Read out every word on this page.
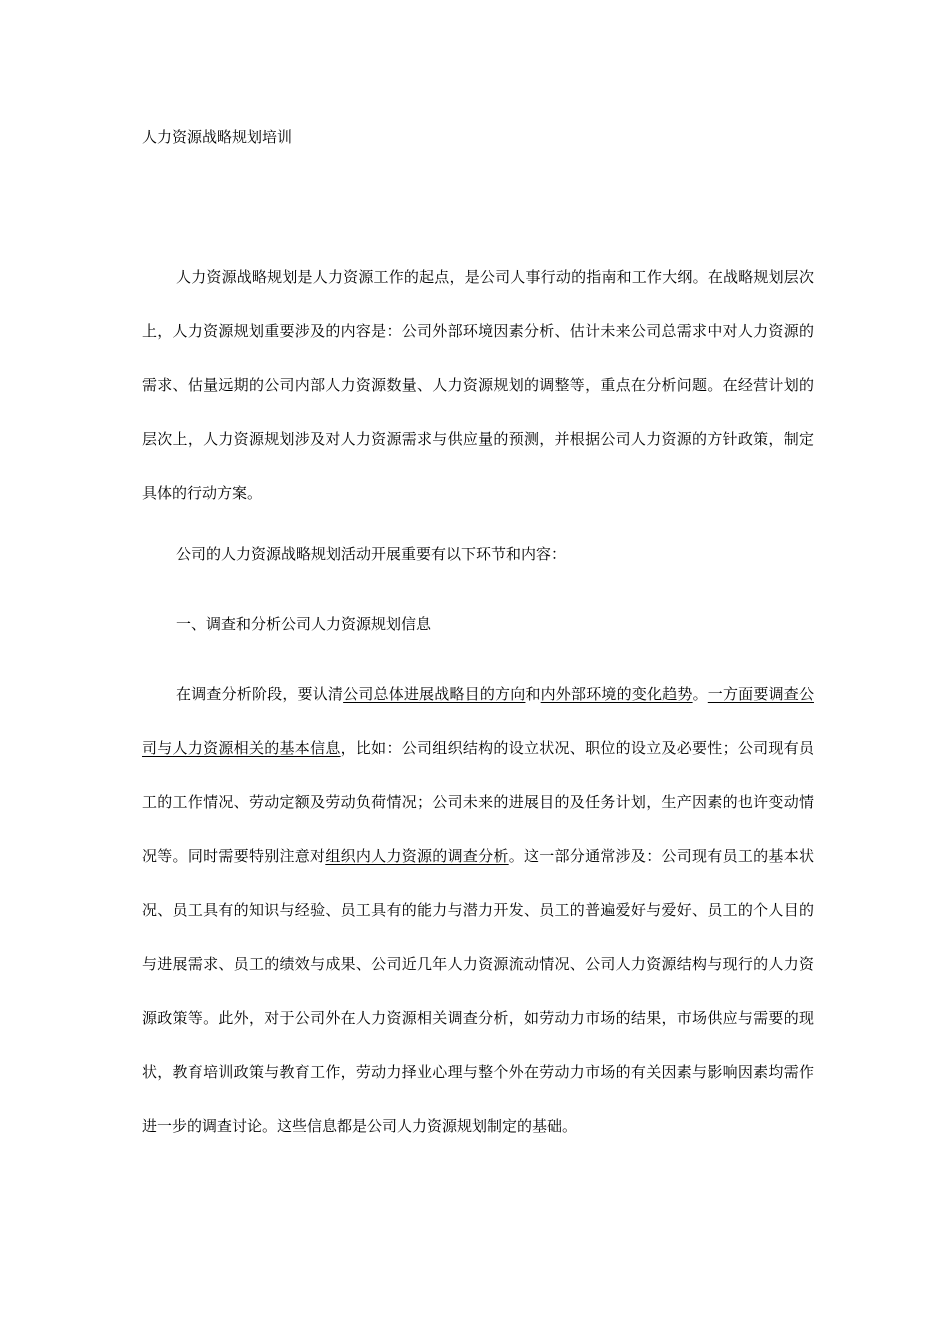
人力资源战略规划培训

人力资源战略规划是人力资源工作的起点，是公司人事行动的指南和工作大纲。在战略规划层次上，人力资源规划重要涉及的内容是：公司外部环境因素分析、估计未来公司总需求中对人力资源的需求、估量远期的公司内部人力资源数量、人力资源规划的调整等，重点在分析问题。在经营计划的层次上，人力资源规划涉及对人力资源需求与供应量的预测，并根据公司人力资源的方针政策，制定具体的行动方案。

公司的人力资源战略规划活动开展重要有以下环节和内容：

一、调查和分析公司人力资源规划信息

在调查分析阶段，要认清公司总体进展战略目的方向和内外部环境的变化趋势。一方面要调查公司与人力资源相关的基本信息，比如：公司组织结构的设立状况、职位的设立及必要性；公司现有员工的工作情况、劳动定额及劳动负荷情况；公司未来的进展目的及任务计划，生产因素的也许变动情况等。同时需要特别注意对组织内人力资源的调查分析。这一部分通常涉及：公司现有员工的基本状况、员工具有的知识与经验、员工具有的能力与潜力开发、员工的普遍爱好与爱好、员工的个人目的与进展需求、员工的绩效与成果、公司近几年人力资源流动情况、公司人力资源结构与现行的人力资源政策等。此外，对于公司外在人力资源相关调查分析，如劳动力市场的结果，市场供应与需要的现状，教育培训政策与教育工作，劳动力择业心理与整个外在劳动力市场的有关因素与影响因素均需作进一步的调查讨论。这些信息都是公司人力资源规划制定的基础。
